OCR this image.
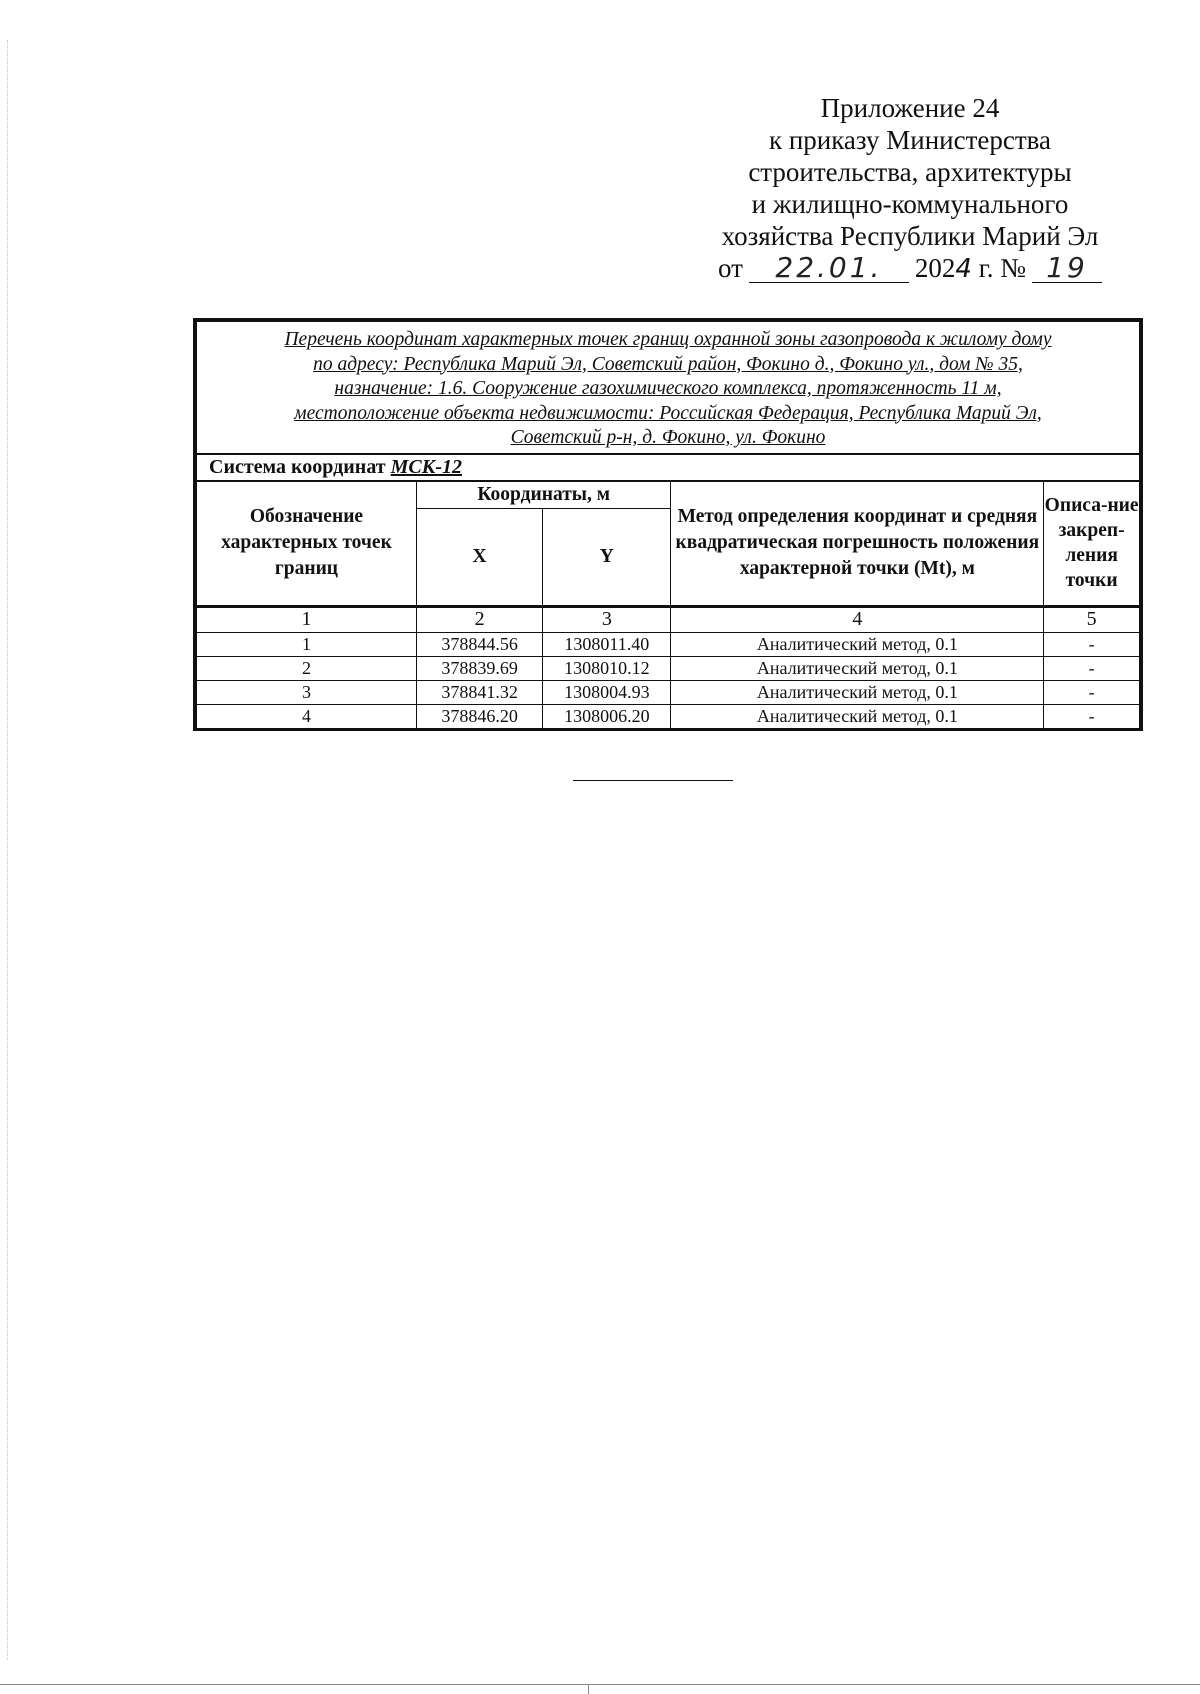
Приложение 24
к приказу Министерства
строительства, архитектуры
и жилищно-коммунального
хозяйства Республики Марий Эл
от 22.01. 2024 г. № 19
Перечень координат характерных точек границ охранной зоны газопровода к жилому дому
по адресу: Республика Марий Эл, Советский район, Фокино д., Фокино ул., дом № 35,
назначение: 1.6. Сооружение газохимического комплекса, протяженность 11 м,
местоположение объекта недвижимости: Российская Федерация, Республика Марий Эл,
Советский р-н, д. Фокино, ул. Фокино
Система координат МСК-12
Обозначение характерных точек границ	Координаты, м		Метод определения координат и средняя квадратическая погрешность положения характерной точки (Mt), м	Описа-ние закреп-ления точки
	X	Y		
1	2	3	4	5
1	378844.56	1308011.40	Аналитический метод, 0.1	-
2	378839.69	1308010.12	Аналитический метод, 0.1	-
3	378841.32	1308004.93	Аналитический метод, 0.1	-
4	378846.20	1308006.20	Аналитический метод, 0.1	-
